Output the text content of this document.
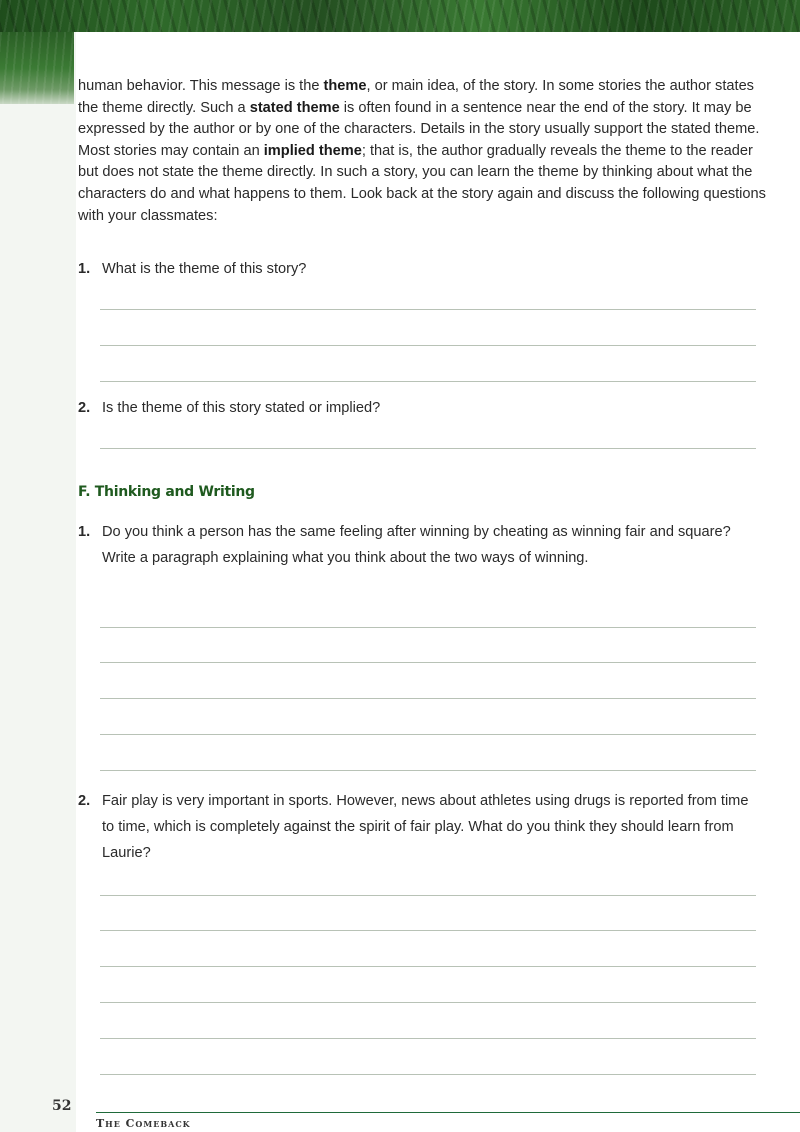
human behavior. This message is the theme, or main idea, of the story. In some stories the author states the theme directly. Such a stated theme is often found in a sentence near the end of the story. It may be expressed by the author or by one of the characters. Details in the story usually support the stated theme. Most stories may contain an implied theme; that is, the author gradually reveals the theme to the reader but does not state the theme directly. In such a story, you can learn the theme by thinking about what the characters do and what happens to them. Look back at the story again and discuss the following questions with your classmates:

1. What is the theme of this story?
2. Is the theme of this story stated or implied?
F. Thinking and Writing
1. Do you think a person has the same feeling after winning by cheating as winning fair and square? Write a paragraph explaining what you think about the two ways of winning.
2. Fair play is very important in sports. However, news about athletes using drugs is reported from time to time, which is completely against the spirit of fair play. What do you think they should learn from Laurie?
52
The Comeback
